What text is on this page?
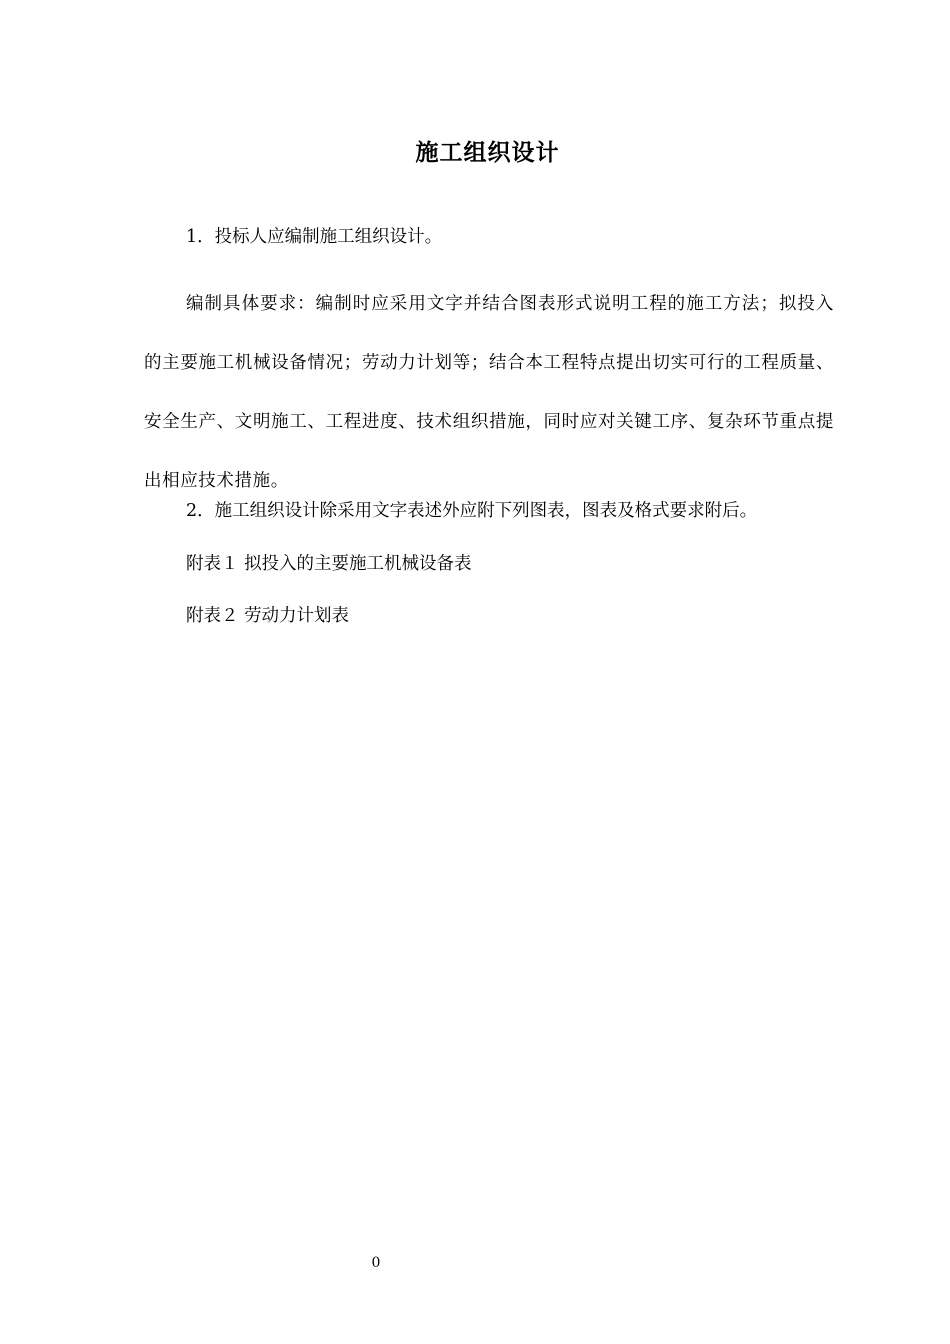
施工组织设计

1．投标人应编制施工组织设计。

编制具体要求：编制时应采用文字并结合图表形式说明工程的施工方法；拟投入的主要施工机械设备情况；劳动力计划等；结合本工程特点提出切实可行的工程质量、安全生产、文明施工、工程进度、技术组织措施，同时应对关键工序、复杂环节重点提出相应技术措施。

2．施工组织设计除采用文字表述外应附下列图表，图表及格式要求附后。

附表１ 拟投入的主要施工机械设备表

附表２ 劳动力计划表

0
